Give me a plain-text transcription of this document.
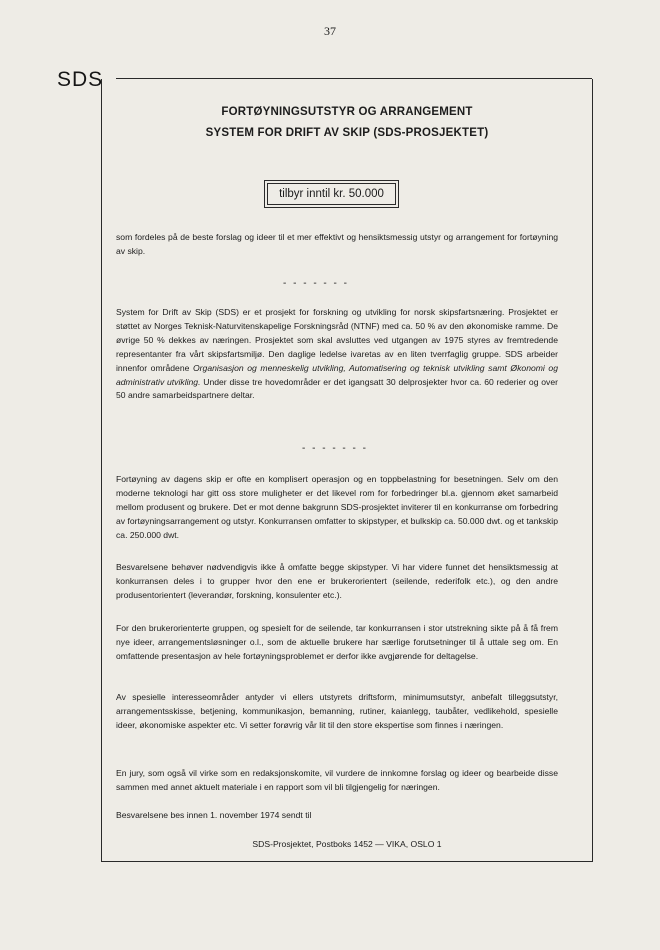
37
SDS
FORTØYNINGSUTSTYR OG ARRANGEMENT
SYSTEM FOR DRIFT AV SKIP (SDS-PROSJEKTET)
tilbyr inntil kr. 50.000
som fordeles på de beste forslag og ideer til et mer effektivt og hensiktsmessig utstyr og arrangement for fortøyning av skip.
- - - - - - -
System for Drift av Skip (SDS) er et prosjekt for forskning og utvikling for norsk skipsfartsnæring. Prosjektet er støttet av Norges Teknisk-Naturvitenskapelige Forskningsråd (NTNF) med ca. 50 % av den økonomiske ramme. De øvrige 50 % dekkes av næringen. Prosjektet som skal avsluttes ved utgangen av 1975 styres av fremtredende representanter fra vårt skipsfartsmiljø. Den daglige ledelse ivaretas av en liten tverrfaglig gruppe. SDS arbeider innenfor områdene Organisasjon og menneskelig utvikling, Automatisering og teknisk utvikling samt Økonomi og administrativ utvikling. Under disse tre hovedområder er det igangsatt 30 delprosjekter hvor ca. 60 rederier og over 50 andre samarbeidspartnere deltar.
- - - - - - -
Fortøyning av dagens skip er ofte en komplisert operasjon og en toppbelastning for besetningen. Selv om den moderne teknologi har gitt oss store muligheter er det likevel rom for forbedringer bl.a. gjennom øket samarbeid mellom produsent og brukere. Det er mot denne bakgrunn SDS-prosjektet inviterer til en konkurranse om forbedring av fortøyningsarrangement og utstyr. Konkurransen omfatter to skipstyper, et bulkskip ca. 50.000 dwt. og et tankskip ca. 250.000 dwt.
Besvarelsene behøver nødvendigvis ikke å omfatte begge skipstyper. Vi har videre funnet det hensiktsmessig at konkurransen deles i to grupper hvor den ene er brukerorientert (seilende, rederifolk etc.), og den andre produsentorientert (leverandør, forskning, konsulenter etc.).
For den brukerorienterte gruppen, og spesielt for de seilende, tar konkurransen i stor utstrekning sikte på å få frem nye ideer, arrangementsløsninger o.l., som de aktuelle brukere har særlige forutsetninger til å uttale seg om. En omfattende presentasjon av hele fortøyningsproblemet er derfor ikke avgjørende for deltagelse.
Av spesielle interesseområder antyder vi ellers utstyrets driftsform, minimumsutstyr, anbefalt tilleggsutstyr, arrangementsskisse, betjening, kommunikasjon, bemanning, rutiner, kaianlegg, taubåter, vedlikehold, spesielle ideer, økonomiske aspekter etc. Vi setter forøvrig vår lit til den store ekspertise som finnes i næringen.
En jury, som også vil virke som en redaksjonskomite, vil vurdere de innkomne forslag og ideer og bearbeide disse sammen med annet aktuelt materiale i en rapport som vil bli tilgjengelig for næringen.
Besvarelsene bes innen 1. november 1974 sendt til
SDS-Prosjektet, Postboks 1452 — VIKA, OSLO 1
